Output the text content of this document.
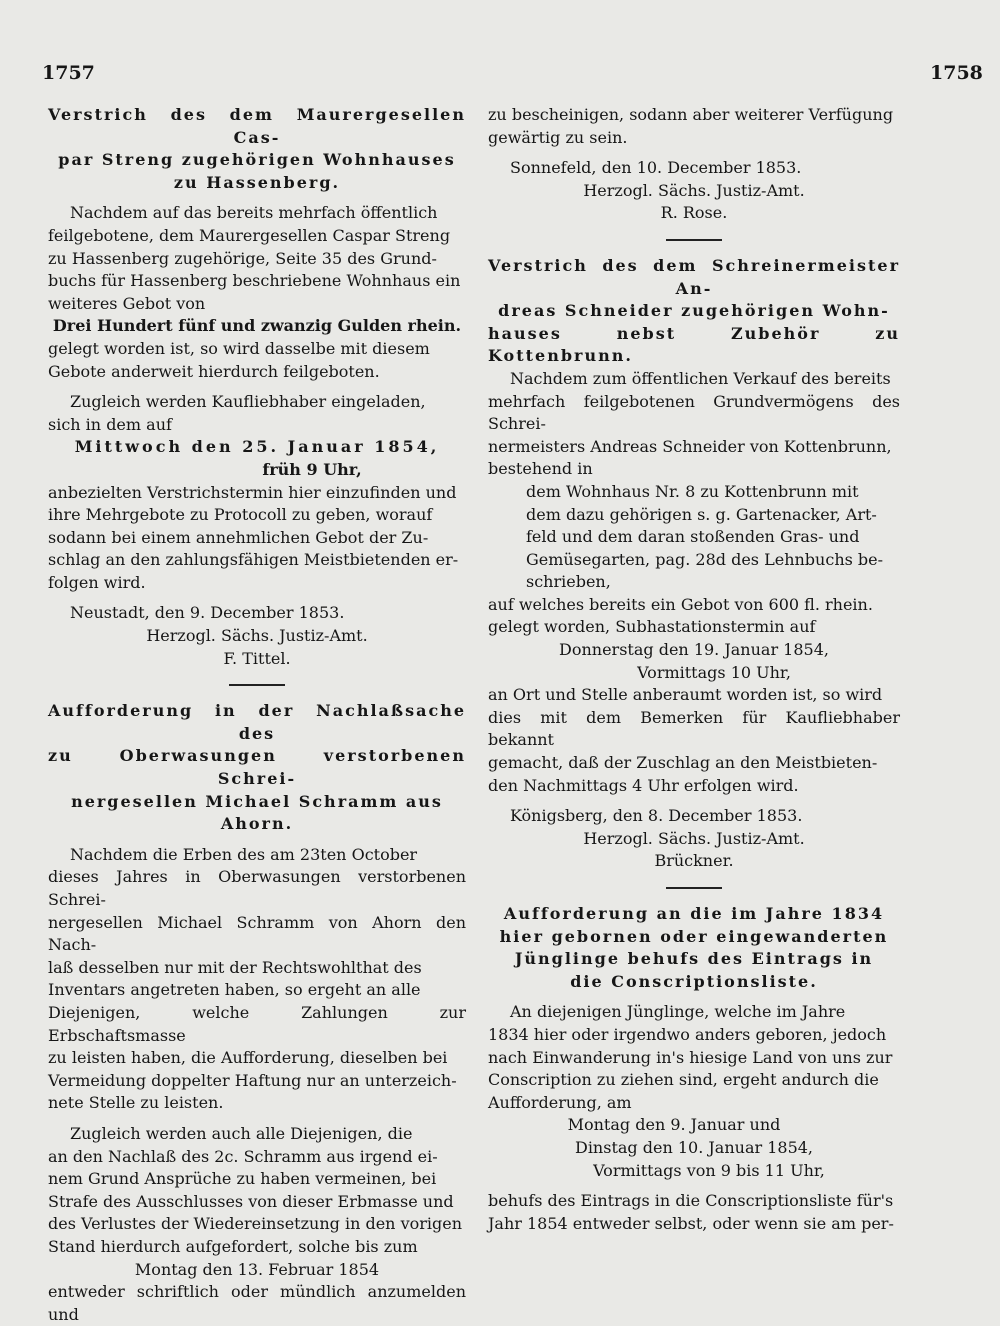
1757	1758

Verstrich des dem Maurergesellen Cas-

par Streng zugehörigen Wohnhauses

zu Hassenberg.

Nachdem auf das bereits mehrfach öffentlich

feilgebotene, dem Maurergesellen Caspar Streng

zu Hassenberg zugehörige, Seite 35 des Grund-

buchs für Hassenberg beschriebene Wohnhaus ein

weiteres Gebot von

Drei Hundert fünf und zwanzig Gulden rhein.

gelegt worden ist, so wird dasselbe mit diesem

Gebote anderweit hierdurch feilgeboten.

Zugleich werden Kaufliebhaber eingeladen,

sich in dem auf

Mittwoch den 25. Januar 1854,

früh 9 Uhr,

anbezielten Verstrichstermin hier einzufinden und

ihre Mehrgebote zu Protocoll zu geben, worauf

sodann bei einem annehmlichen Gebot der Zu-

schlag an den zahlungsfähigen Meistbietenden er-

folgen wird.

Neustadt, den 9. December 1853.

Herzogl. Sächs. Justiz-Amt.

F. Tittel.

Aufforderung in der Nachlaßsache des

zu Oberwasungen verstorbenen Schrei-

nergesellen Michael Schramm aus

Ahorn.

Nachdem die Erben des am 23ten October

dieses Jahres in Oberwasungen verstorbenen Schrei-

nergesellen Michael Schramm von Ahorn den Nach-

laß desselben nur mit der Rechtswohlthat des

Inventars angetreten haben, so ergeht an alle

Diejenigen, welche Zahlungen zur Erbschaftsmasse

zu leisten haben, die Aufforderung, dieselben bei

Vermeidung doppelter Haftung nur an unterzeich-

nete Stelle zu leisten.

Zugleich werden auch alle Diejenigen, die

an den Nachlaß des 2c. Schramm aus irgend ei-

nem Grund Ansprüche zu haben vermeinen, bei

Strafe des Ausschlusses von dieser Erbmasse und

des Verlustes der Wiedereinsetzung in den vorigen

Stand hierdurch aufgefordert, solche bis zum

Montag den 13. Februar 1854

entweder schriftlich oder mündlich anzumelden und

zu bescheinigen, sodann aber weiterer Verfügung

gewärtig zu sein.

Sonnefeld, den 10. December 1853.

Herzogl. Sächs. Justiz-Amt.

R. Rose.

Verstrich des dem Schreinermeister An-

dreas Schneider zugehörigen Wohn-

hauses nebst Zubehör zu Kottenbrunn.

Nachdem zum öffentlichen Verkauf des bereits

mehrfach feilgebotenen Grundvermögens des Schrei-

nermeisters Andreas Schneider von Kottenbrunn,

bestehend in

dem Wohnhaus Nr. 8 zu Kottenbrunn mit

dem dazu gehörigen s. g. Gartenacker, Art-

feld und dem daran stoßenden Gras- und

Gemüsegarten, pag. 28d des Lehnbuchs be-

schrieben,

auf welches bereits ein Gebot von 600 fl. rhein.

gelegt worden, Subhastationstermin auf

Donnerstag den 19. Januar 1854,

Vormittags 10 Uhr,

an Ort und Stelle anberaumt worden ist, so wird

dies mit dem Bemerken für Kaufliebhaber bekannt

gemacht, daß der Zuschlag an den Meistbieten-

den Nachmittags 4 Uhr erfolgen wird.

Königsberg, den 8. December 1853.

Herzogl. Sächs. Justiz-Amt.

Brückner.

Aufforderung an die im Jahre 1834

hier gebornen oder eingewanderten

Jünglinge behufs des Eintrags in

die Conscriptionsliste.

An diejenigen Jünglinge, welche im Jahre

1834 hier oder irgendwo anders geboren, jedoch

nach Einwanderung in's hiesige Land von uns zur

Conscription zu ziehen sind, ergeht andurch die

Aufforderung, am

Montag den 9. Januar und

Dinstag den 10. Januar 1854,

Vormittags von 9 bis 11 Uhr,

behufs des Eintrags in die Conscriptionsliste für's

Jahr 1854 entweder selbst, oder wenn sie am per-
